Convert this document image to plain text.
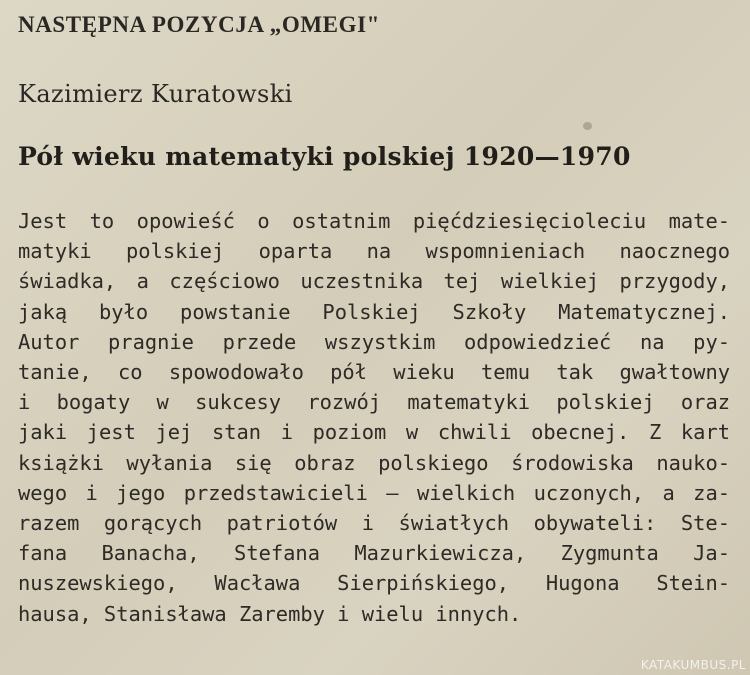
NASTĘPNA POZYCJA „OMEGI"

Kazimierz Kuratowski

Pół wieku matematyki polskiej 1920—1970
Jest to opowieść o ostatnim pięćdziesięcioleciu mate-
matyki polskiej oparta na wspomnieniach naocznego
świadka, a częściowo uczestnika tej wielkiej przygody,
jaką było powstanie Polskiej Szkoły Matematycznej.
Autor pragnie przede wszystkim odpowiedzieć na py-
tanie, co spowodowało pół wieku temu tak gwałtowny
i bogaty w sukcesy rozwój matematyki polskiej oraz
jaki jest jej stan i poziom w chwili obecnej. Z kart
książki wyłania się obraz polskiego środowiska nauko-
wego i jego przedstawicieli — wielkich uczonych, a za-
razem gorących patriotów i światłych obywateli: Ste-
fana Banacha, Stefana Mazurkiewicza, Zygmunta Ja-
nuszewskiego, Wacława Sierpińskiego, Hugona Stein-
hausa, Stanisława Zaremby i wielu innych.
KATAKUMBUS.PL
